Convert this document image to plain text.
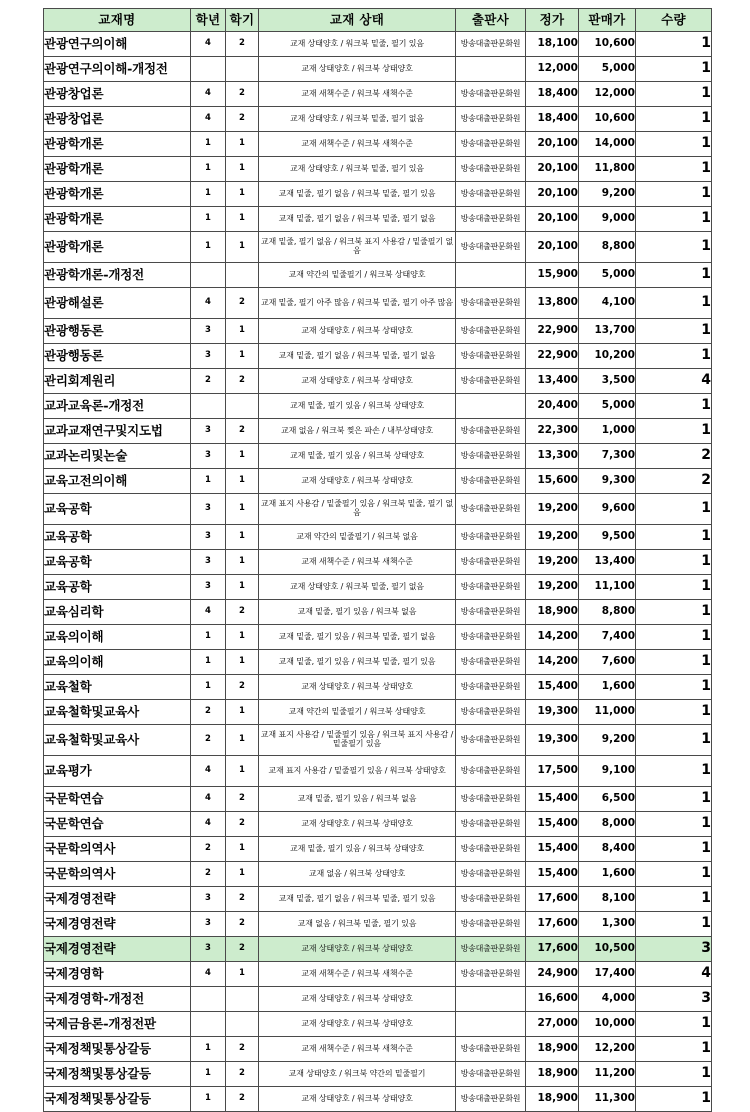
교재명	학년	학기	교재 상태	출판사	정가	판매가	수량
관광연구의이해	4	2	교재 상태양호 / 워크북 밑줄, 필기 있음	방송대출판문화원	18,100	10,600	1
관광연구의이해-개정전			교재 상태양호 / 워크북 상태양호		12,000	5,000	1
관광창업론	4	2	교재 새책수준 / 워크북 새책수준	방송대출판문화원	18,400	12,000	1
관광창업론	4	2	교재 상태양호 / 워크북 밑줄, 필기 없음	방송대출판문화원	18,400	10,600	1
관광학개론	1	1	교재 새책수준 / 워크북 새책수준	방송대출판문화원	20,100	14,000	1
관광학개론	1	1	교재 상태양호 / 워크북 밑줄, 필기 있음	방송대출판문화원	20,100	11,800	1
관광학개론	1	1	교재 밑줄, 필기 없음 / 워크북 밑줄, 필기 있음	방송대출판문화원	20,100	9,200	1
관광학개론	1	1	교재 밑줄, 필기 없음 / 워크북 밑줄, 필기 없음	방송대출판문화원	20,100	9,000	1
관광학개론	1	1	교재 밑줄, 필기 없음 / 워크북 표지 사용감 / 밑줄필기 없음	방송대출판문화원	20,100	8,800	1
관광학개론-개정전			교재 약간의 밑줄필기 / 워크북 상태양호		15,900	5,000	1
관광해설론	4	2	교재 밑줄, 필기 아주 많음 / 워크북 밑줄, 필기 아주 많음	방송대출판문화원	13,800	4,100	1
관광행동론	3	1	교재 상태양호 / 워크북 상태양호	방송대출판문화원	22,900	13,700	1
관광행동론	3	1	교재 밑줄, 필기 없음 / 워크북 밑줄, 필기 없음	방송대출판문화원	22,900	10,200	1
관리회계원리	2	2	교재 상태양호 / 워크북 상태양호	방송대출판문화원	13,400	3,500	4
교과교육론-개정전			교재 밑줄, 필기 있음 / 워크북 상태양호		20,400	5,000	1
교과교재연구및지도법	3	2	교재 없음 / 워크북 찢은 파손 / 내부상태양호	방송대출판문화원	22,300	1,000	1
교과논리및논술	3	1	교재 밑줄, 필기 있음 / 워크북 상태양호	방송대출판문화원	13,300	7,300	2
교육고전의이해	1	1	교재 상태양호 / 워크북 상태양호	방송대출판문화원	15,600	9,300	2
교육공학	3	1	교재 표지 사용감 / 밑줄필기 있음 / 워크북 밑줄, 필기 없음	방송대출판문화원	19,200	9,600	1
교육공학	3	1	교재 약간의 밑줄필기 / 워크북 없음	방송대출판문화원	19,200	9,500	1
교육공학	3	1	교재 새책수준 / 워크북 새책수준	방송대출판문화원	19,200	13,400	1
교육공학	3	1	교재 상태양호 / 워크북 밑줄, 필기 없음	방송대출판문화원	19,200	11,100	1
교육심리학	4	2	교재 밑줄, 필기 있음 / 워크북 없음	방송대출판문화원	18,900	8,800	1
교육의이해	1	1	교재 밑줄, 필기 있음 / 워크북 밑줄, 필기 없음	방송대출판문화원	14,200	7,400	1
교육의이해	1	1	교재 밑줄, 필기 있음 / 워크북 밑줄, 필기 있음	방송대출판문화원	14,200	7,600	1
교육철학	1	2	교재 상태양호 / 워크북 상태양호	방송대출판문화원	15,400	1,600	1
교육철학및교육사	2	1	교재 약간의 밑줄필기 / 워크북 상태양호	방송대출판문화원	19,300	11,000	1
교육철학및교육사	2	1	교재 표지 사용감 / 밑줄필기 있음 / 워크북 표지 사용감 / 밑줄필기 있음	방송대출판문화원	19,300	9,200	1
교육평가	4	1	교재 표지 사용감 / 밑줄필기 있음 / 워크북 상태양호	방송대출판문화원	17,500	9,100	1
국문학연습	4	2	교재 밑줄, 필기 있음 / 워크북 없음	방송대출판문화원	15,400	6,500	1
국문학연습	4	2	교재 상태양호 / 워크북 상태양호	방송대출판문화원	15,400	8,000	1
국문학의역사	2	1	교재 밑줄, 필기 있음 / 워크북 상태양호	방송대출판문화원	15,400	8,400	1
국문학의역사	2	1	교재 없음 / 워크북 상태양호	방송대출판문화원	15,400	1,600	1
국제경영전략	3	2	교재 밑줄, 필기 없음 / 워크북 밑줄, 필기 있음	방송대출판문화원	17,600	8,100	1
국제경영전략	3	2	교재 없음 / 워크북 밑줄, 필기 있음	방송대출판문화원	17,600	1,300	1
국제경영전략	3	2	교재 상태양호 / 워크북 상태양호	방송대출판문화원	17,600	10,500	3
국제경영학	4	1	교재 새책수준 / 워크북 새책수준	방송대출판문화원	24,900	17,400	4
국제경영학-개정전			교재 상태양호 / 워크북 상태양호		16,600	4,000	3
국제금융론-개정전판			교재 상태양호 / 워크북 상태양호		27,000	10,000	1
국제정책및통상갈등	1	2	교재 새책수준 / 워크북 새책수준	방송대출판문화원	18,900	12,200	1
국제정책및통상갈등	1	2	교재 상태양호 / 워크북 약간의 밑줄필기	방송대출판문화원	18,900	11,200	1
국제정책및통상갈등	1	2	교재 상태양호 / 워크북 상태양호	방송대출판문화원	18,900	11,300	1
